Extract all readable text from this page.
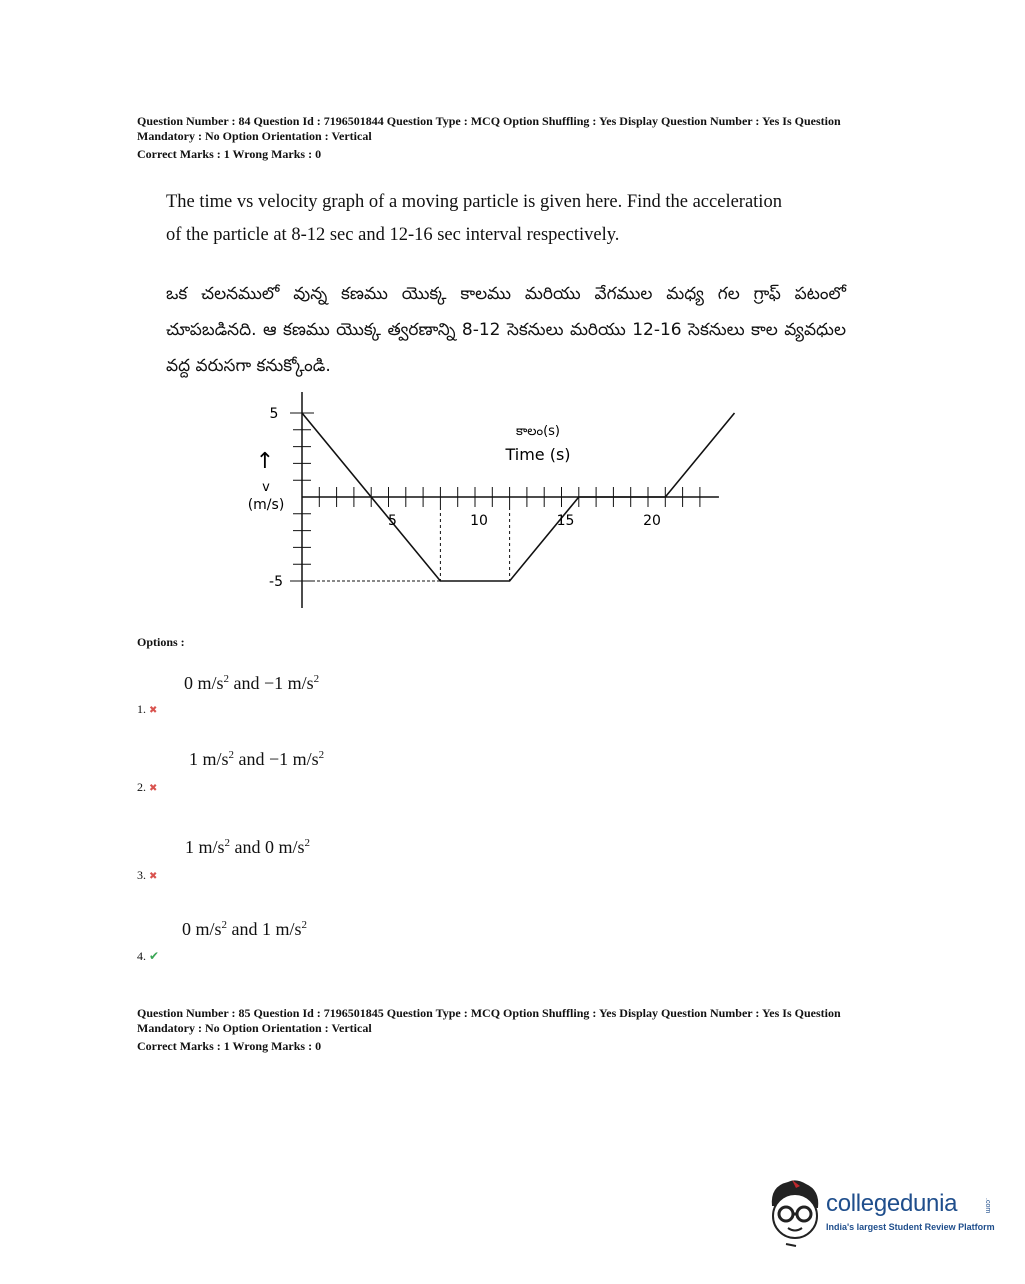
Question Number : 84 Question Id : 7196501844 Question Type : MCQ Option Shuffling : Yes Display Question Number : Yes Is Question
Mandatory : No Option Orientation : Vertical
Correct Marks : 1 Wrong Marks : 0
The time vs velocity graph of a moving particle is given here. Find the acceleration
of the particle at 8-12 sec and 12-16 sec interval respectively.
ఒక చలనములో వున్న కణము యొక్క కాలము మరియు వేగముల మధ్య గల గ్రాఫ్ పటంలో చూపబడినది. ఆ కణము యొక్క త్వరణాన్ని 8-12 సెకనులు మరియు 12-16 సెకనులు కాల వ్యవధుల వద్ద వరుసగా కనుక్కోండి.
5
-5
↑
v
(m/s)
కాలం(s)
Time (s)
5	10	15	20
Options :
0 $m/s^2$ and −1 $m/s^2$
1. ✖
1 $m/s^2$ and −1 $m/s^2$
2. ✖
1 $m/s^2$ and 0 $m/s^2$
3. ✖
0 $m/s^2$ and 1 $m/s^2$
4. ✔
Question Number : 85 Question Id : 7196501845 Question Type : MCQ Option Shuffling : Yes Display Question Number : Yes Is Question
Mandatory : No Option Orientation : Vertical
Correct Marks : 1 Wrong Marks : 0
collegedunia	.com
India's largest Student Review Platform
